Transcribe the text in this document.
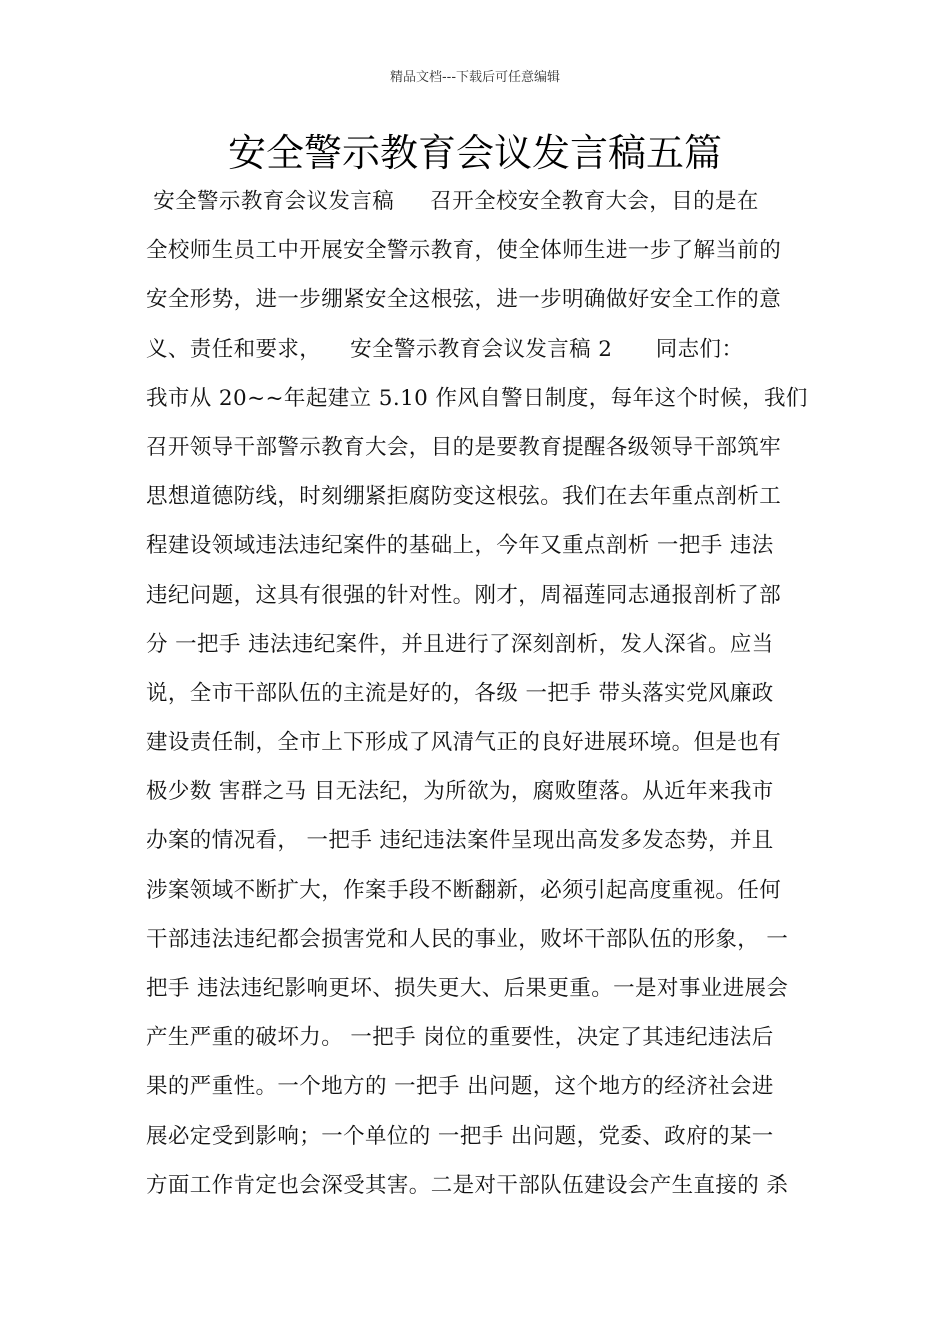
精品文档---下载后可任意编辑
安全警示教育会议发言稿五篇
安全警示教育会议发言稿     召开全校安全教育大会，目的是在
全校师生员工中开展安全警示教育，使全体师生进一步了解当前的
安全形势，进一步绷紧安全这根弦，进一步明确做好安全工作的意
义、责任和要求，    安全警示教育会议发言稿 2      同志们：
我市从 20~~年起建立 5.10 作风自警日制度，每年这个时候，我们
召开领导干部警示教育大会，目的是要教育提醒各级领导干部筑牢
思想道德防线，时刻绷紧拒腐防变这根弦。我们在去年重点剖析工
程建设领域违法违纪案件的基础上，今年又重点剖析 一把手 违法
违纪问题，这具有很强的针对性。刚才，周福莲同志通报剖析了部
分 一把手 违法违纪案件，并且进行了深刻剖析，发人深省。应当
说，全市干部队伍的主流是好的，各级 一把手 带头落实党风廉政
建设责任制，全市上下形成了风清气正的良好进展环境。但是也有
极少数 害群之马 目无法纪，为所欲为，腐败堕落。从近年来我市
办案的情况看， 一把手 违纪违法案件呈现出高发多发态势，并且
涉案领域不断扩大，作案手段不断翻新，必须引起高度重视。任何
干部违法违纪都会损害党和人民的事业，败坏干部队伍的形象， 一
把手 违法违纪影响更坏、损失更大、后果更重。一是对事业进展会
产生严重的破坏力。 一把手 岗位的重要性，决定了其违纪违法后
果的严重性。一个地方的 一把手 出问题，这个地方的经济社会进
展必定受到影响；一个单位的 一把手 出问题，党委、政府的某一
方面工作肯定也会深受其害。二是对干部队伍建设会产生直接的 杀
